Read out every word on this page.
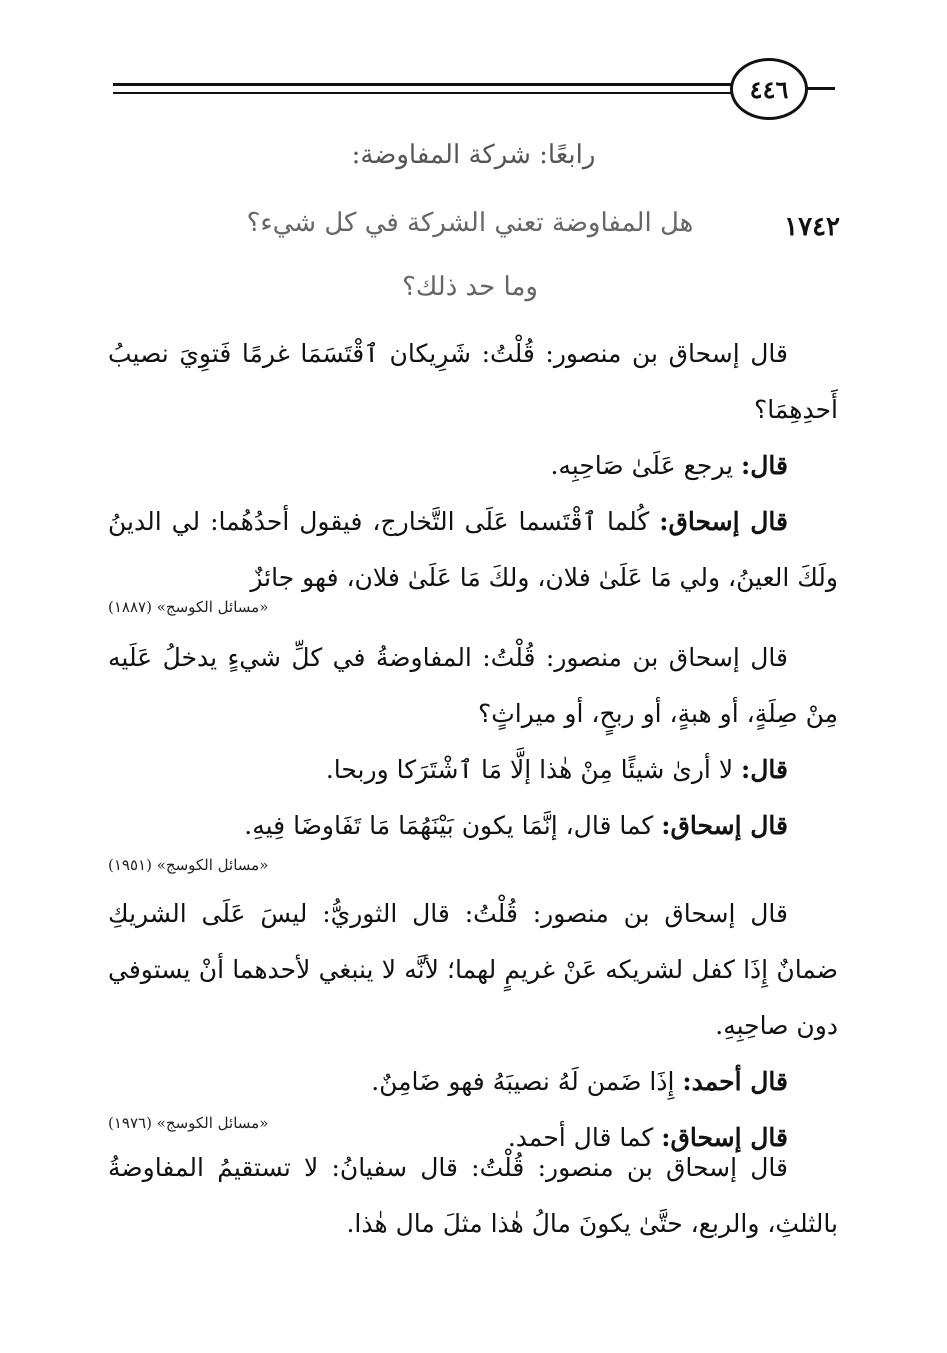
٤٤٦
رابعًا: شركة المفاوضة:
١٧٤٢
هل المفاوضة تعني الشركة في كل شيء؟
وما حد ذلك؟

قال إسحاق بن منصور: قُلْتُ: شَرِيكان ٱقْتَسَمَا غرمًا فَتوِيَ نصيبُ أَحدِهِمَا؟

قال: يرجع عَلَىٰ صَاحِبِه.

قال إسحاق: كُلما ٱقْتَسما عَلَى التَّخارج، فيقول أحدُهُما: لي الدينُ ولَكَ العينُ، ولي مَا عَلَىٰ فلان، ولكَ مَا عَلَىٰ فلان، فهو جائزٌ

«مسائل الكوسج» (١٨٨٧)

قال إسحاق بن منصور: قُلْتُ: المفاوضةُ في كلِّ شيءٍ يدخلُ عَلَيه مِنْ صِلَةٍ، أو هبةٍ، أو ربحٍ، أو ميراثٍ؟

قال: لا أرىٰ شيئًا مِنْ هٰذا إلَّا مَا ٱشْتَرَكا وربحا.

قال إسحاق: كما قال، إنَّمَا يكون بَيْنَهُمَا مَا تَفَاوضَا فِيهِ.

«مسائل الكوسج» (١٩٥١)

قال إسحاق بن منصور: قُلْتُ: قال الثوريُّ: ليسَ عَلَى الشريكِ ضمانٌ إِذَا كفل لشريكه عَنْ غريمٍ لهما؛ لأنَّه لا ينبغي لأحدهما أنْ يستوفي دون صاحِبِهِ.

قال أحمد: إِذَا ضَمن لَهُ نصيبَهُ فهو ضَامِنٌ.

قال إسحاق: كما قال أحمد.

«مسائل الكوسج» (١٩٧٦)

قال إسحاق بن منصور: قُلْتُ: قال سفيانُ: لا تستقيمُ المفاوضةُ بالثلثِ، والربع، حتَّىٰ يكونَ مالُ هٰذا مثلَ مال هٰذا.
